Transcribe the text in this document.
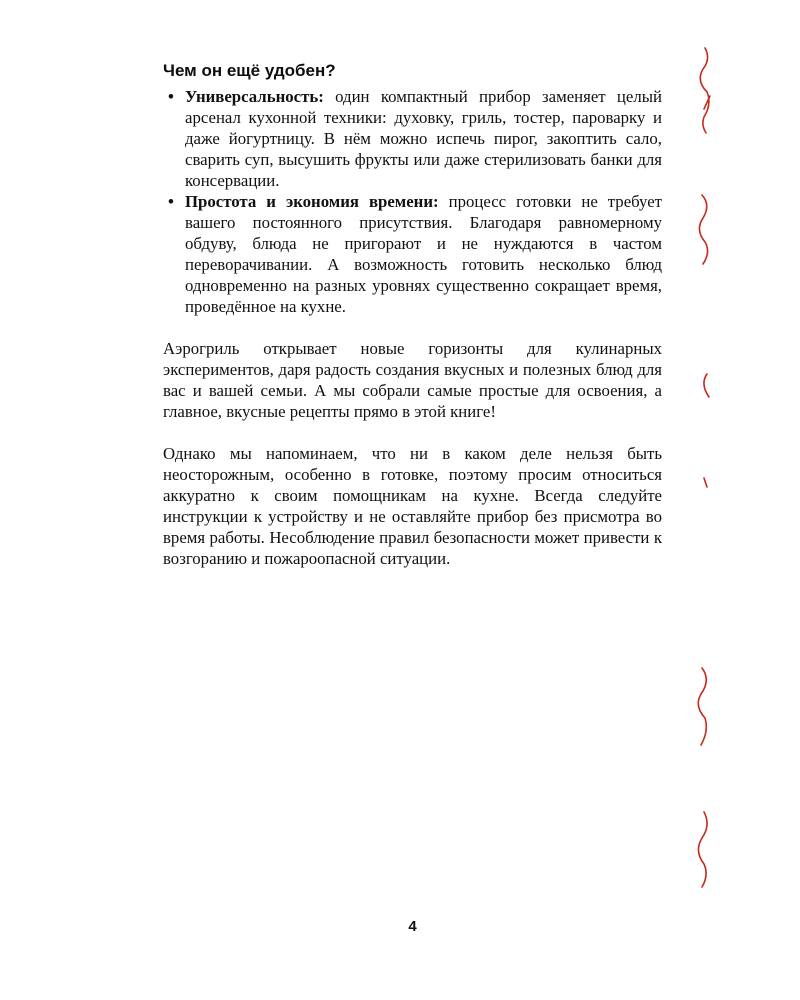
Чем он ещё удобен?
• Универсальность: один компактный прибор заменяет целый арсенал кухонной техники: духовку, гриль, тостер, пароварку и даже йогуртницу. В нём можно испечь пирог, закоптить сало, сварить суп, высушить фрукты или даже стерилизовать банки для консервации.
• Простота и экономия времени: процесс готовки не требует вашего постоянного присутствия. Благодаря равномерному обдуву, блюда не пригорают и не нуждаются в частом переворачивании. А возможность готовить несколько блюд одновременно на разных уровнях существенно сокращает время, проведённое на кухне.

Аэрогриль открывает новые горизонты для кулинарных экспериментов, даря радость создания вкусных и полезных блюд для вас и вашей семьи. А мы собрали самые простые для освоения, а главное, вкусные рецепты прямо в этой книге!

Однако мы напоминаем, что ни в каком деле нельзя быть неосторожным, особенно в готовке, поэтому просим относиться аккуратно к своим помощникам на кухне. Всегда следуйте инструкции к устройству и не оставляйте прибор без присмотра во время работы. Несоблюдение правил безопасности может привести к возгоранию и пожароопасной ситуации.

4
